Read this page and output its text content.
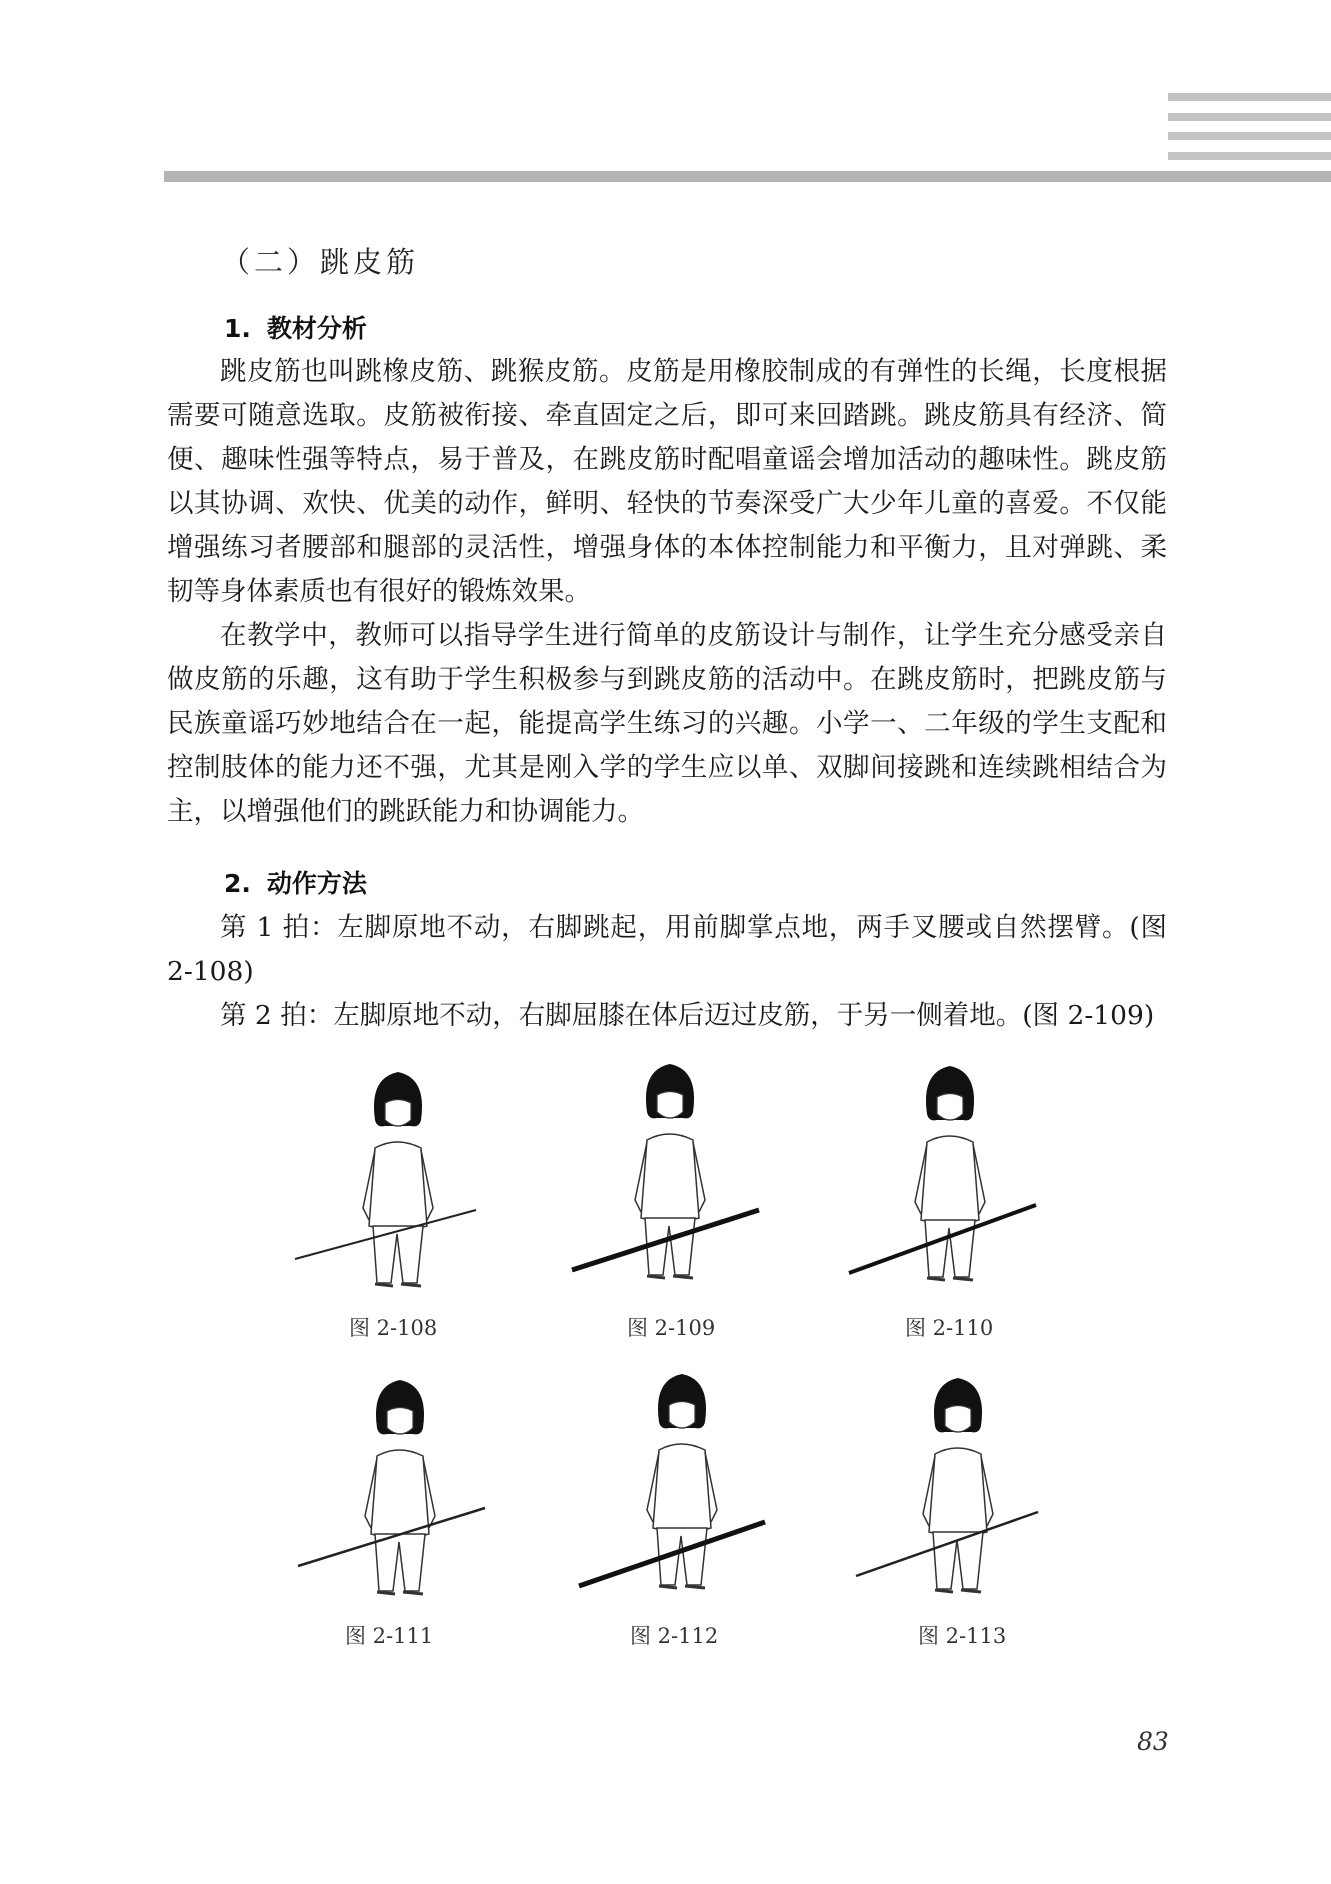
（二）跳皮筋
1. 教材分析

跳皮筋也叫跳橡皮筋、跳猴皮筋。皮筋是用橡胶制成的有弹性的长绳，长度根据需要可随意选取。皮筋被衔接、牵直固定之后，即可来回踏跳。跳皮筋具有经济、简便、趣味性强等特点，易于普及，在跳皮筋时配唱童谣会增加活动的趣味性。跳皮筋以其协调、欢快、优美的动作，鲜明、轻快的节奏深受广大少年儿童的喜爱。不仅能增强练习者腰部和腿部的灵活性，增强身体的本体控制能力和平衡力，且对弹跳、柔韧等身体素质也有很好的锻炼效果。

在教学中，教师可以指导学生进行简单的皮筋设计与制作，让学生充分感受亲自做皮筋的乐趣，这有助于学生积极参与到跳皮筋的活动中。在跳皮筋时，把跳皮筋与民族童谣巧妙地结合在一起，能提高学生练习的兴趣。小学一、二年级的学生支配和控制肢体的能力还不强，尤其是刚入学的学生应以单、双脚间接跳和连续跳相结合为主，以增强他们的跳跃能力和协调能力。

2. 动作方法

第 1 拍：左脚原地不动，右脚跳起，用前脚掌点地，两手叉腰或自然摆臂。(图 2-108)

第 2 拍：左脚原地不动，右脚屈膝在体后迈过皮筋，于另一侧着地。(图 2-109)

图 2-108	图 2-109	图 2-110
图 2-111	图 2-112	图 2-113
83
